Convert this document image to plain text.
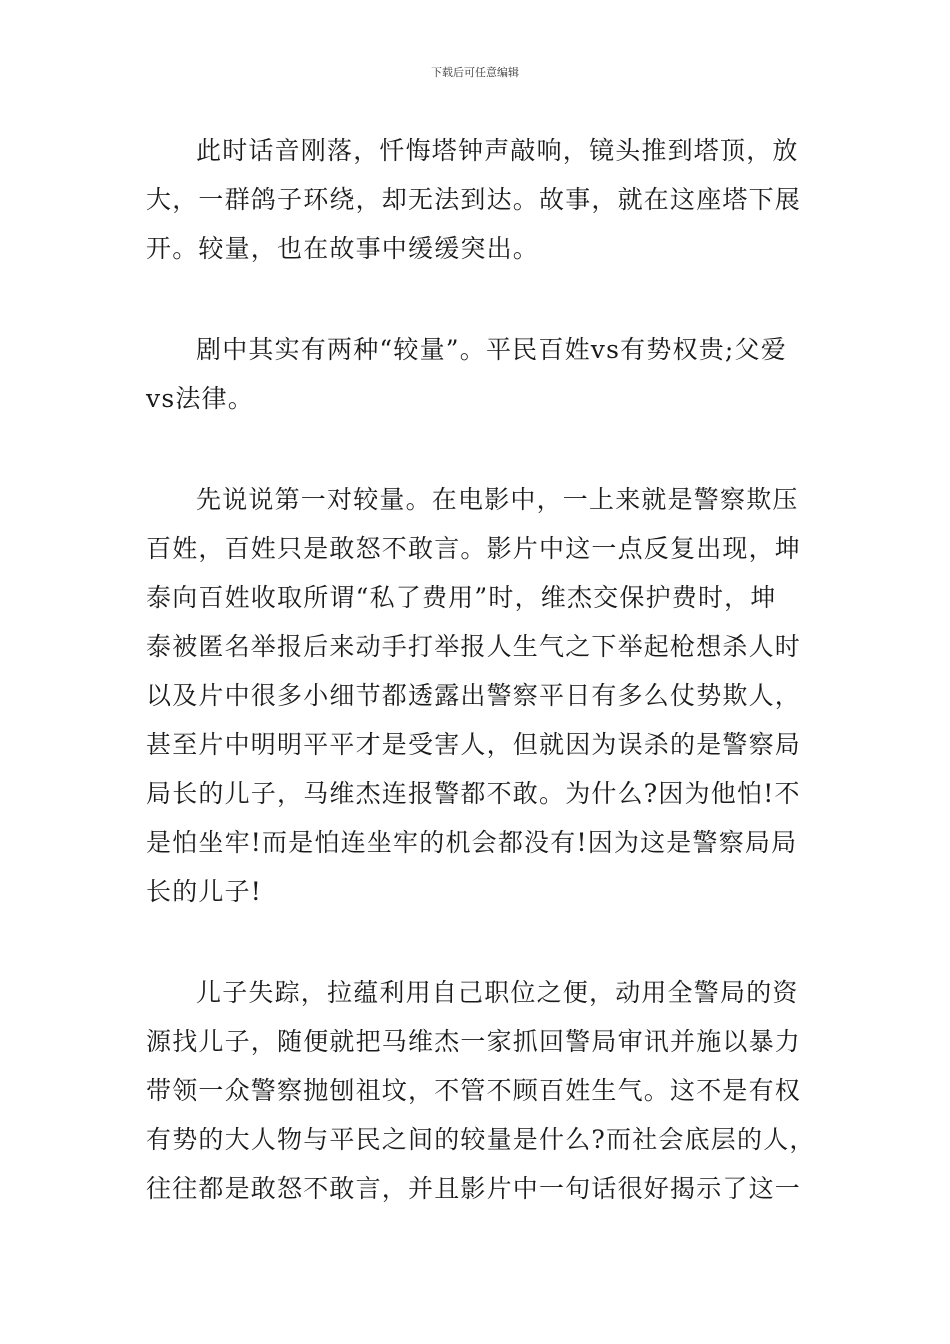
下载后可任意编辑
此时话音刚落，忏悔塔钟声敲响，镜头推到塔顶，放
大，一群鸽子环绕，却无法到达。故事，就在这座塔下展
开。较量，也在故事中缓缓突出。
剧中其实有两种“较量”。平民百姓vs有势权贵;父爱
vs法律。
先说说第一对较量。在电影中，一上来就是警察欺压
百姓，百姓只是敢怒不敢言。影片中这一点反复出现，坤
泰向百姓收取所谓“私了费用”时，维杰交保护费时，坤
泰被匿名举报后来动手打举报人生气之下举起枪想杀人时
以及片中很多小细节都透露出警察平日有多么仗势欺人，
甚至片中明明平平才是受害人，但就因为误杀的是警察局
局长的儿子，马维杰连报警都不敢。为什么?因为他怕!不
是怕坐牢!而是怕连坐牢的机会都没有!因为这是警察局局
长的儿子!
儿子失踪，拉蕴利用自己职位之便，动用全警局的资
源找儿子，随便就把马维杰一家抓回警局审讯并施以暴力
带领一众警察抛刨祖坟，不管不顾百姓生气。这不是有权
有势的大人物与平民之间的较量是什么?而社会底层的人，
往往都是敢怒不敢言，并且影片中一句话很好揭示了这一
